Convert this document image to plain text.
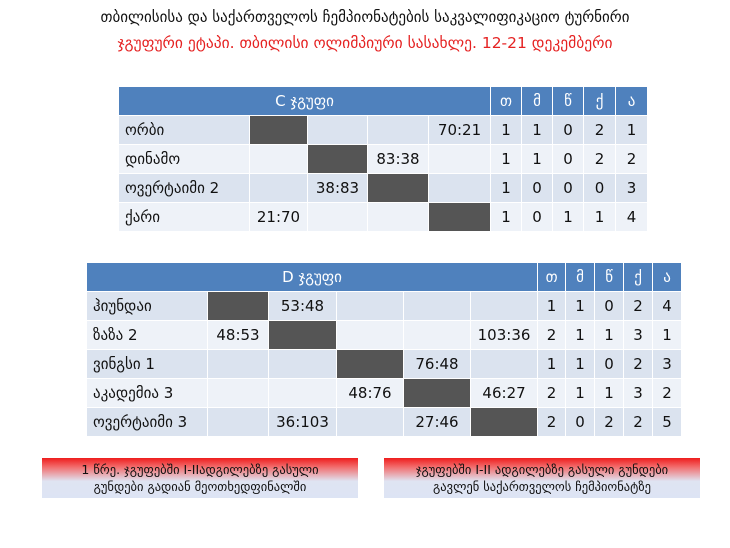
თბილისისა და საქართველოს ჩემპიონატების საკვალიფიკაციო ტურნირი
ჯგუფური ეტაპი. თბილისი ოლიმპიური სასახლე. 12-21 დეკემბერი
C ჯგუფი					თ	მ	წ	ქ	ა
ორბი				70:21	1	1	0	2	1
დინამო			83:38		1	1	0	2	2
ოვერტაიმი 2		38:83			1	0	0	0	3
ქარი	21:70				1	0	1	1	4
D ჯგუფი						თ	მ	წ	ქ	ა
ჰიუნდაი		53:48				1	1	0	2	4
ზაზა 2	48:53				103:36	2	1	1	3	1
ვინგსი 1				76:48		1	1	0	2	3
აკადემია 3			48:76		46:27	2	1	1	3	2
ოვერტაიმი 3		36:103		27:46		2	0	2	2	5
1 წრე. ჯგუფებში I-IIადგილებზე გასული
გუნდები გადიან მეოთხედფინალში
ჯგუფებში I-II ადგილებზე გასული გუნდები
გავლენ საქართველოს ჩემპიონატზე
